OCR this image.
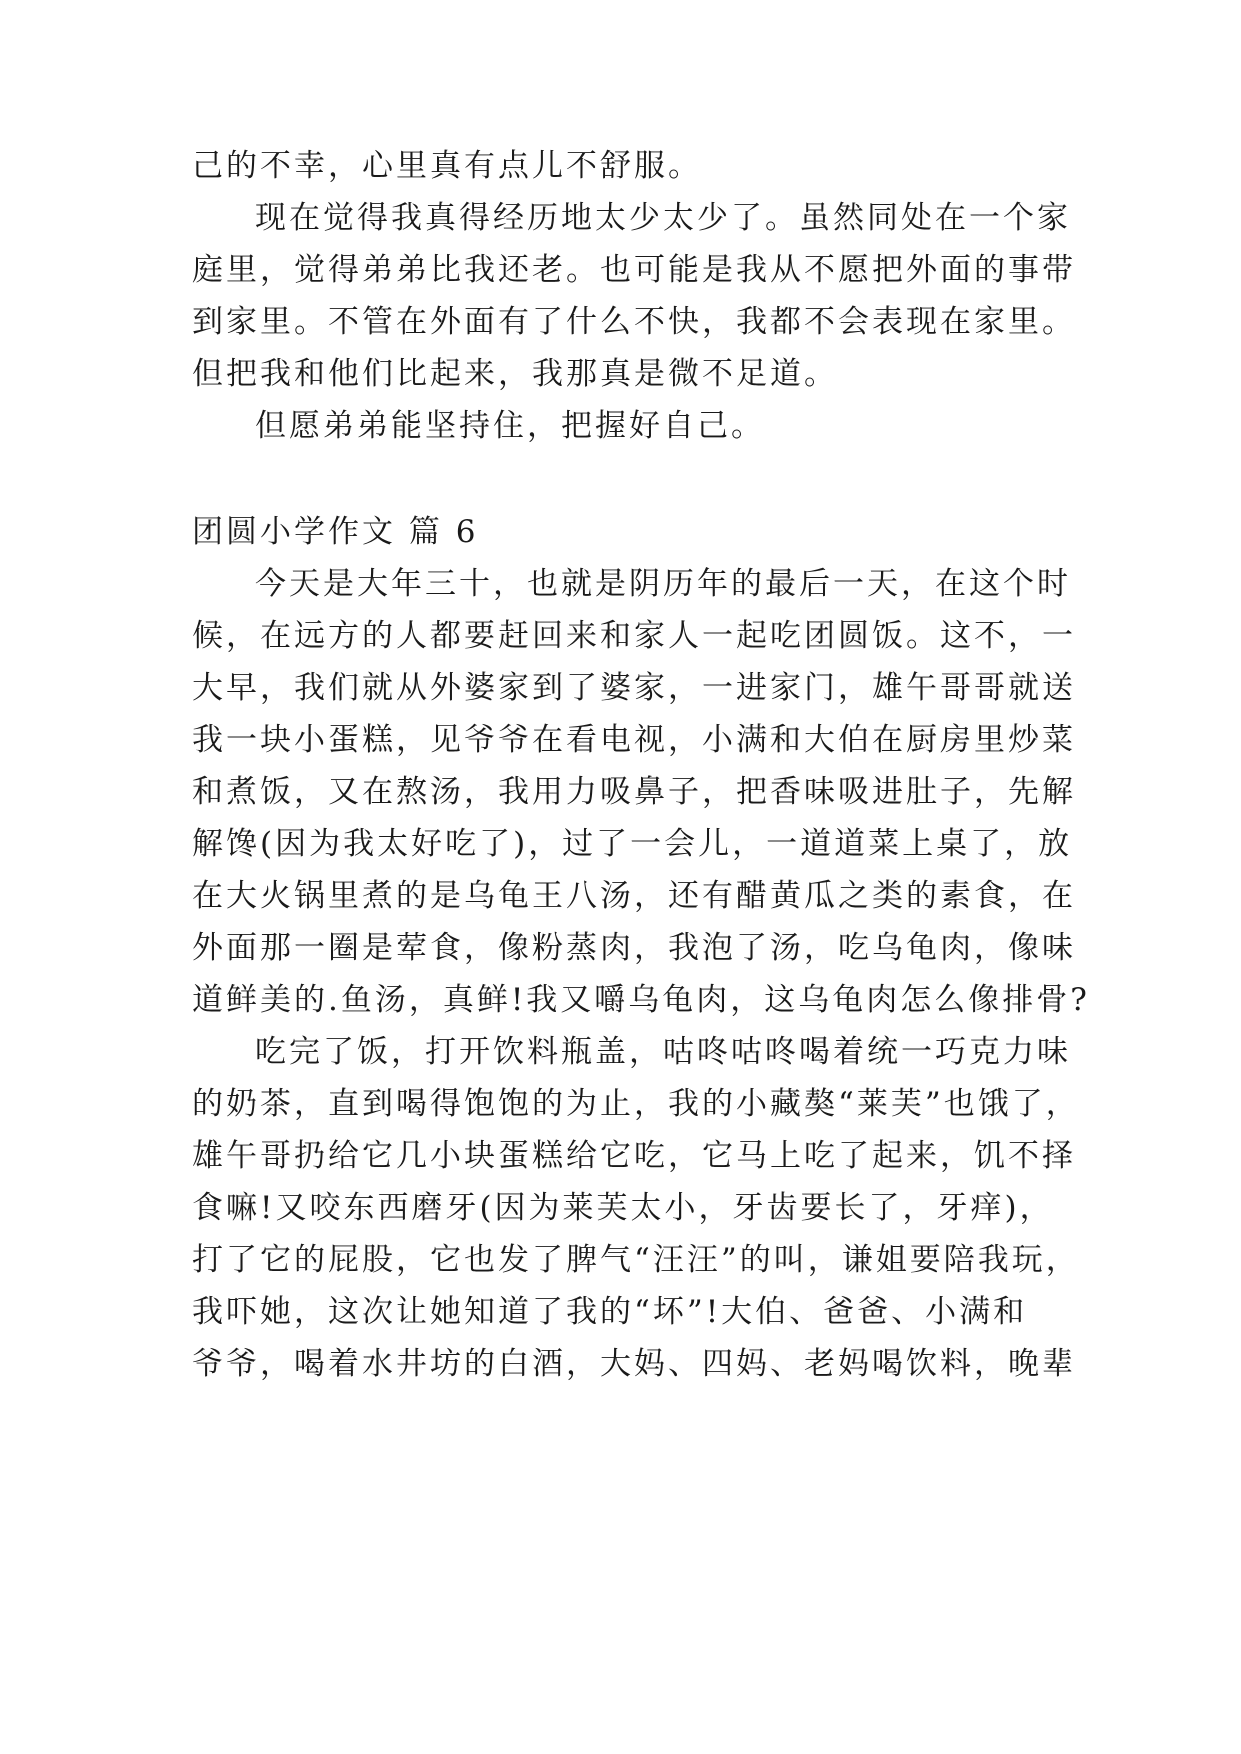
己的不幸，心里真有点儿不舒服。
现在觉得我真得经历地太少太少了。虽然同处在一个家
庭里，觉得弟弟比我还老。也可能是我从不愿把外面的事带
到家里。不管在外面有了什么不快，我都不会表现在家里。
但把我和他们比起来，我那真是微不足道。
但愿弟弟能坚持住，把握好自己。
团圆小学作文 篇 6
今天是大年三十，也就是阴历年的最后一天，在这个时
候，在远方的人都要赶回来和家人一起吃团圆饭。这不，一
大早，我们就从外婆家到了婆家，一进家门，雄午哥哥就送
我一块小蛋糕，见爷爷在看电视，小满和大伯在厨房里炒菜
和煮饭，又在熬汤，我用力吸鼻子，把香味吸进肚子，先解
解馋(因为我太好吃了)，过了一会儿，一道道菜上桌了，放
在大火锅里煮的是乌龟王八汤，还有醋黄瓜之类的素食，在
外面那一圈是荤食，像粉蒸肉，我泡了汤，吃乌龟肉，像味
道鲜美的.鱼汤，真鲜!我又嚼乌龟肉，这乌龟肉怎么像排骨?
吃完了饭，打开饮料瓶盖，咕咚咕咚喝着统一巧克力味
的奶茶，直到喝得饱饱的为止，我的小藏獒“莱芙”也饿了，
雄午哥扔给它几小块蛋糕给它吃，它马上吃了起来，饥不择
食嘛!又咬东西磨牙(因为莱芙太小，牙齿要长了，牙痒)，
打了它的屁股，它也发了脾气“汪汪”的叫，谦姐要陪我玩，
我吓她，这次让她知道了我的“坏”!大伯、爸爸、小满和
爷爷，喝着水井坊的白酒，大妈、四妈、老妈喝饮料，晚辈
